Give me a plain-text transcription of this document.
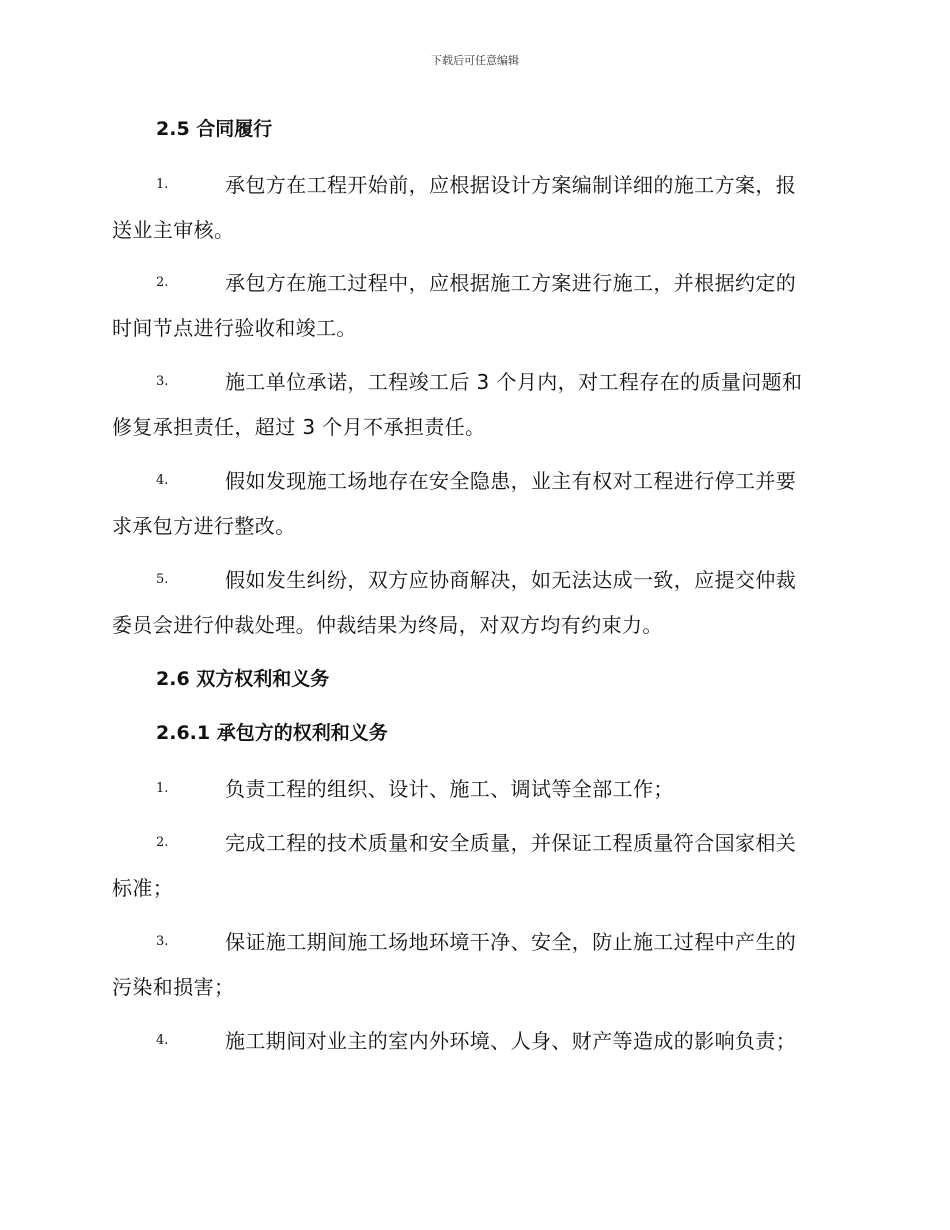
下载后可任意编辑
2.5 合同履行
1.	承包方在工程开始前，应根据设计方案编制详细的施工方案，报
送业主审核。
2.	承包方在施工过程中，应根据施工方案进行施工，并根据约定的
时间节点进行验收和竣工。
3.	施工单位承诺，工程竣工后 3 个月内，对工程存在的质量问题和
修复承担责任，超过 3 个月不承担责任。
4.	假如发现施工场地存在安全隐患，业主有权对工程进行停工并要
求承包方进行整改。
5.	假如发生纠纷，双方应协商解决，如无法达成一致，应提交仲裁
委员会进行仲裁处理。仲裁结果为终局，对双方均有约束力。
2.6 双方权利和义务
2.6.1 承包方的权利和义务
1.	负责工程的组织、设计、施工、调试等全部工作；
2.	完成工程的技术质量和安全质量，并保证工程质量符合国家相关
标准；
3.	保证施工期间施工场地环境干净、安全，防止施工过程中产生的
污染和损害；
4.	施工期间对业主的室内外环境、人身、财产等造成的影响负责；
